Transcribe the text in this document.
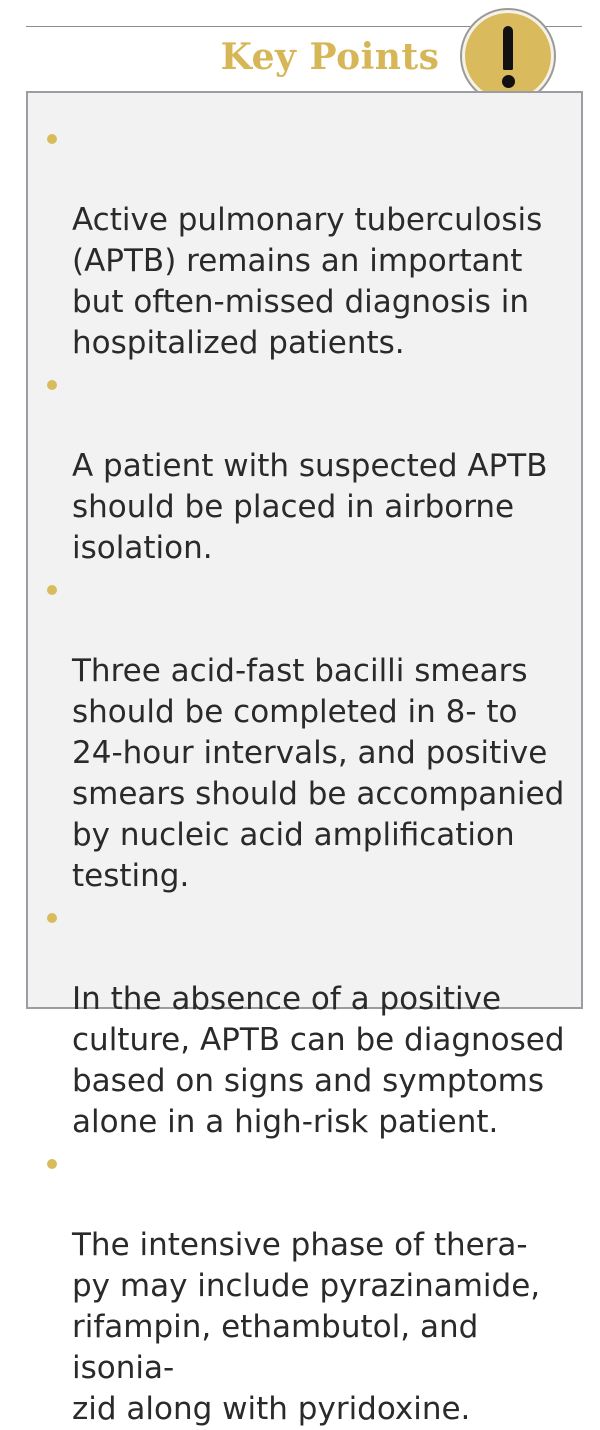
Key Points

Active pulmonary tuberculosis
(APTB) remains an important
but often-missed diagnosis in
hospitalized patients.

A patient with suspected APTB
should be placed in airborne
isolation.

Three acid-fast bacilli smears
should be completed in 8- to
24-hour intervals, and positive
smears should be accompanied
by nucleic acid amplification
testing.

In the absence of a positive
culture, APTB can be diagnosed
based on signs and symptoms
alone in a high-risk patient.

The intensive phase of thera-
py may include pyrazinamide,
rifampin, ethambutol, and isonia-
zid along with pyridoxine.
